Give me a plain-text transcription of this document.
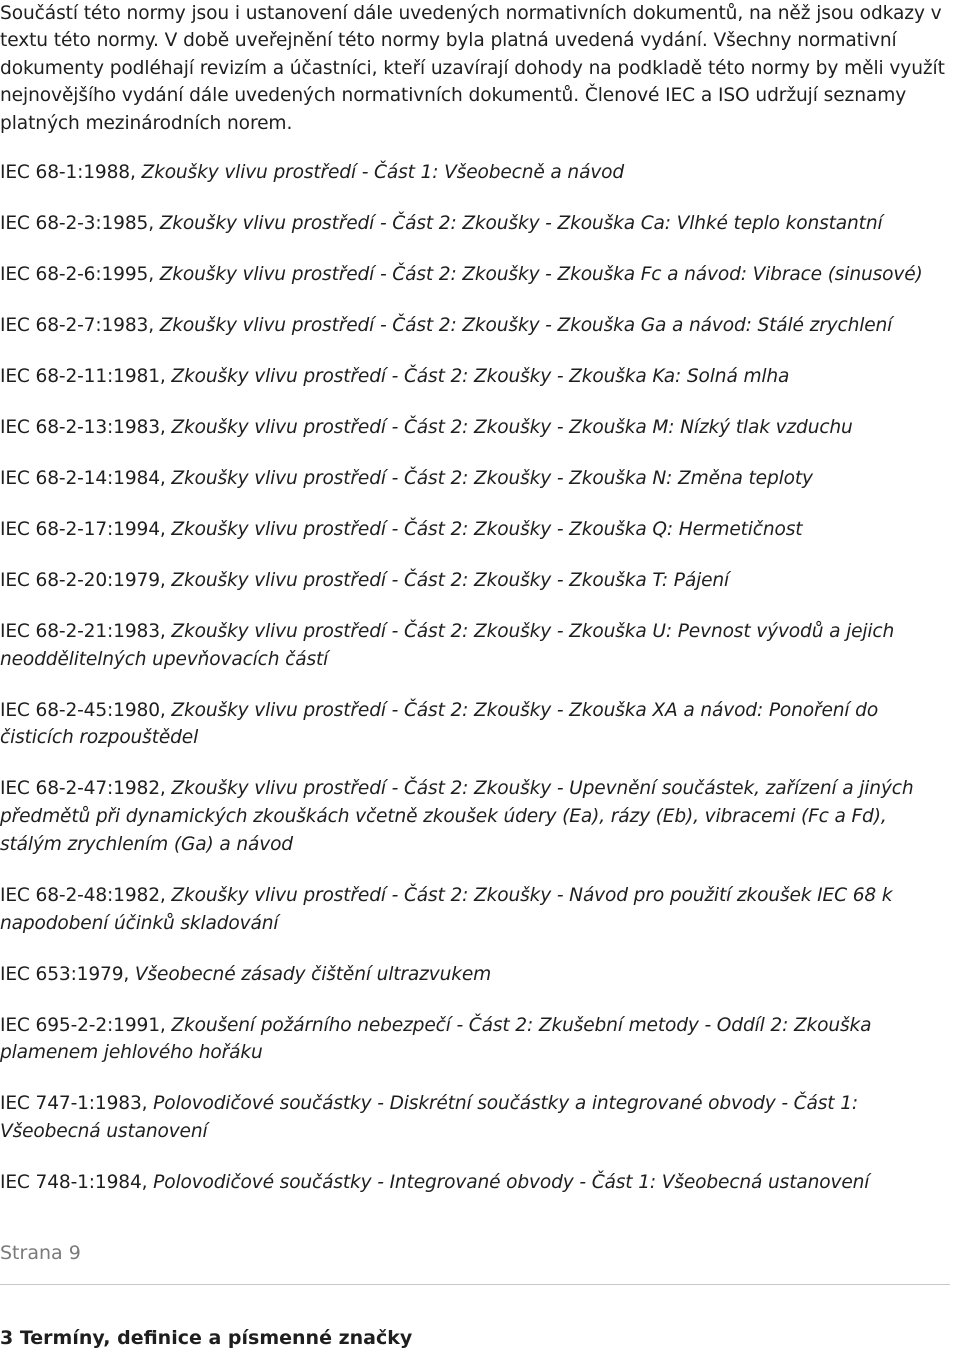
Součástí této normy jsou i ustanovení dále uvedených normativních dokumentů, na něž jsou odkazy v textu této normy. V době uveřejnění této normy byla platná uvedená vydání. Všechny normativní dokumenty podléhají revizím a účastníci, kteří uzavírají dohody na podkladě této normy by měli využít nejnovějšího vydání dále uvedených normativních dokumentů. Členové IEC a ISO udržují seznamy platných mezinárodních norem.

IEC 68-1:1988, Zkoušky vlivu prostředí - Část 1: Všeobecně a návod

IEC 68-2-3:1985, Zkoušky vlivu prostředí - Část 2: Zkoušky - Zkouška Ca: Vlhké teplo konstantní

IEC 68-2-6:1995, Zkoušky vlivu prostředí - Část 2: Zkoušky - Zkouška Fc a návod: Vibrace (sinusové)

IEC 68-2-7:1983, Zkoušky vlivu prostředí - Část 2: Zkoušky - Zkouška Ga a návod: Stálé zrychlení

IEC 68-2-11:1981, Zkoušky vlivu prostředí - Část 2: Zkoušky - Zkouška Ka: Solná mlha

IEC 68-2-13:1983, Zkoušky vlivu prostředí - Část 2: Zkoušky - Zkouška M: Nízký tlak vzduchu

IEC 68-2-14:1984, Zkoušky vlivu prostředí - Část 2: Zkoušky - Zkouška N: Změna teploty

IEC 68-2-17:1994, Zkoušky vlivu prostředí - Část 2: Zkoušky - Zkouška Q: Hermetičnost

IEC 68-2-20:1979, Zkoušky vlivu prostředí - Část 2: Zkoušky - Zkouška T: Pájení

IEC 68-2-21:1983, Zkoušky vlivu prostředí - Část 2: Zkoušky - Zkouška U: Pevnost vývodů a jejich neoddělitelných upevňovacích částí

IEC 68-2-45:1980, Zkoušky vlivu prostředí - Část 2: Zkoušky - Zkouška XA a návod: Ponoření do čisticích rozpouštědel

IEC 68-2-47:1982, Zkoušky vlivu prostředí - Část 2: Zkoušky - Upevnění součástek, zařízení a jiných předmětů při dynamických zkouškách včetně zkoušek údery (Ea), rázy (Eb), vibracemi (Fc a Fd), stálým zrychlením (Ga) a návod

IEC 68-2-48:1982, Zkoušky vlivu prostředí - Část 2: Zkoušky - Návod pro použití zkoušek IEC 68 k napodobení účinků skladování

IEC 653:1979, Všeobecné zásady čištění ultrazvukem

IEC 695-2-2:1991, Zkoušení požárního nebezpečí - Část 2: Zkušební metody - Oddíl 2: Zkouška plamenem jehlového hořáku

IEC 747-1:1983, Polovodičové součástky - Diskrétní součástky a integrované obvody - Část 1: Všeobecná ustanovení

IEC 748-1:1984, Polovodičové součástky - Integrované obvody - Část 1: Všeobecná ustanovení

Strana 9
3 Termíny, definice a písmenné značky
